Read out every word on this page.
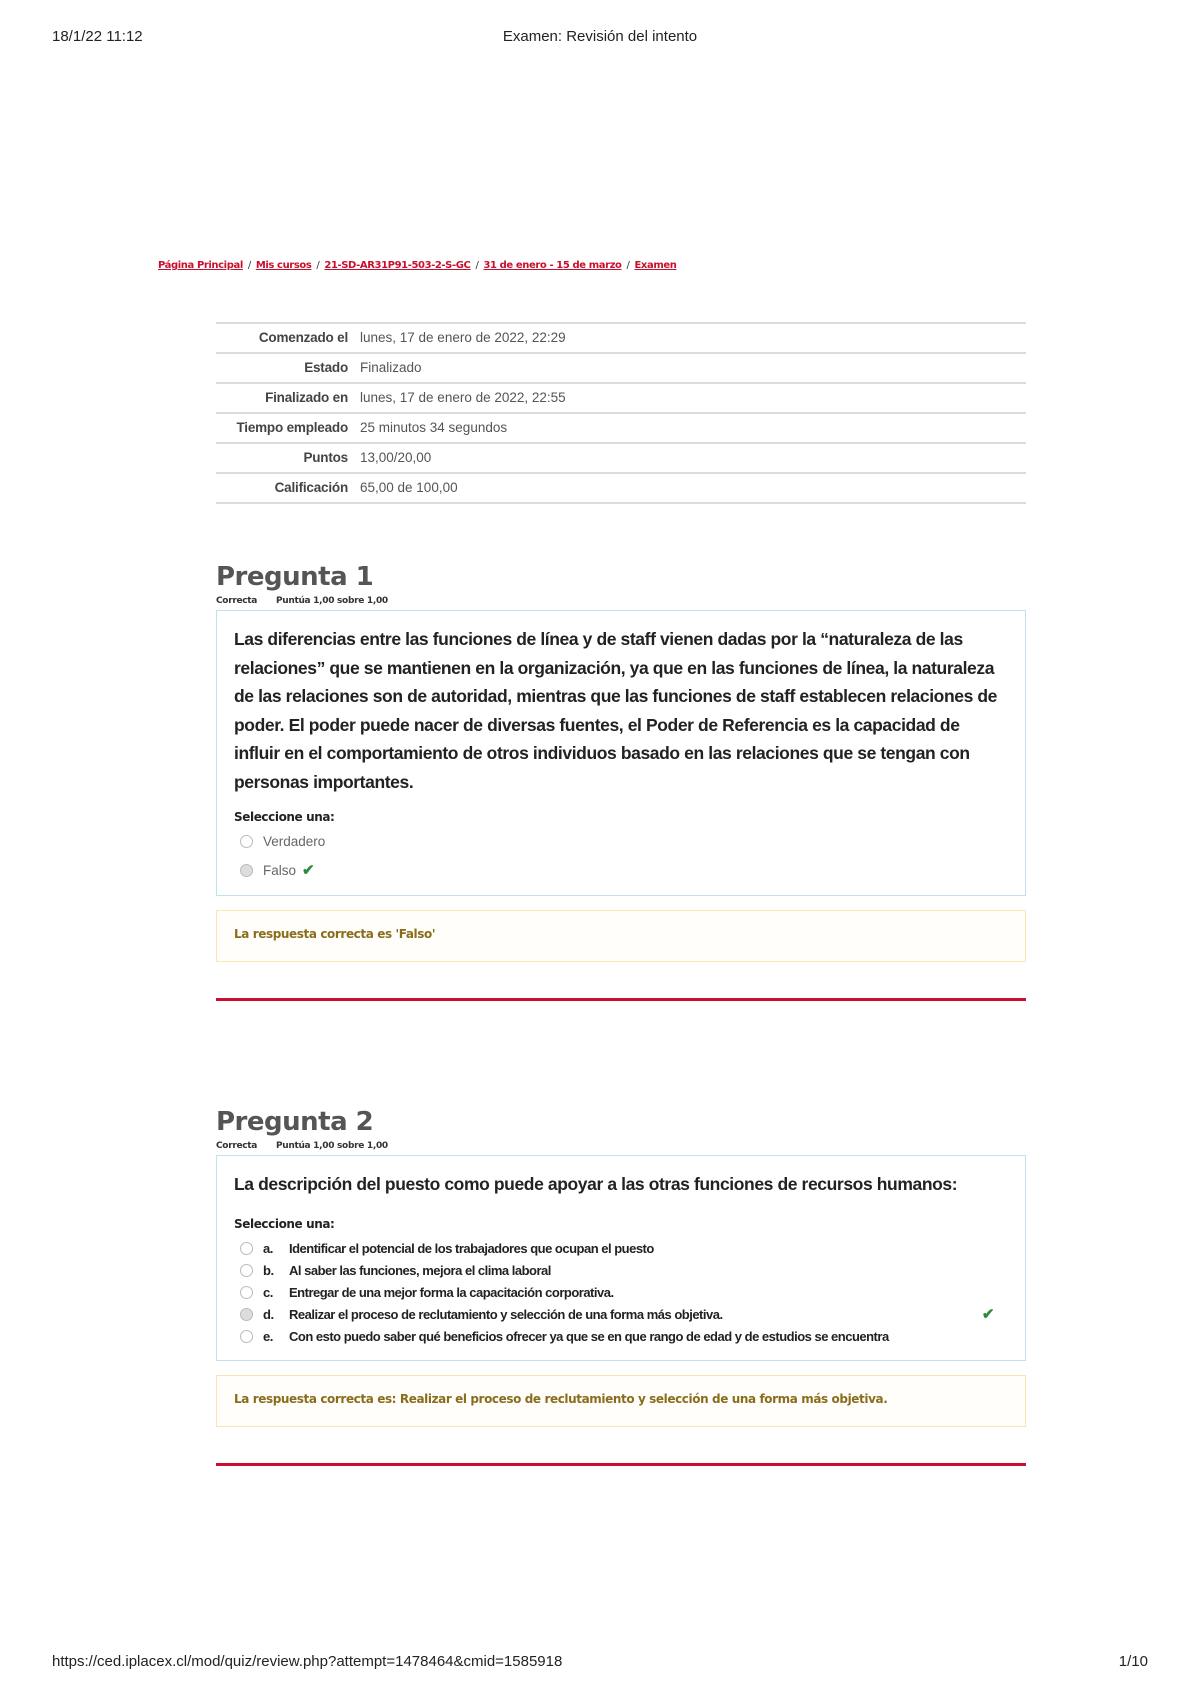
18/1/22 11:12	Examen: Revisión del intento
Página Principal / Mis cursos / 21-SD-AR31P91-503-2-S-GC / 31 de enero - 15 de marzo / Examen
Comenzado el	lunes, 17 de enero de 2022, 22:29
Estado	Finalizado
Finalizado en	lunes, 17 de enero de 2022, 22:55
Tiempo empleado	25 minutos 34 segundos
Puntos	13,00/20,00
Calificación	65,00 de 100,00
Pregunta 1
Correcta Puntúa 1,00 sobre 1,00

Las diferencias entre las funciones de línea y de staff vienen dadas por la “naturaleza de las relaciones” que se mantienen en la organización, ya que en las funciones de línea, la naturaleza de las relaciones son de autoridad, mientras que las funciones de staff establecen relaciones de poder. El poder puede nacer de diversas fuentes, el Poder de Referencia es la capacidad de influir en el comportamiento de otros individuos basado en las relaciones que se tengan con personas importantes.

Seleccione una:
Verdadero
Falso ✔
La respuesta correcta es 'Falso'
Pregunta 2
Correcta Puntúa 1,00 sobre 1,00

La descripción del puesto como puede apoyar a las otras funciones de recursos humanos:

Seleccione una:
a.	Identificar el potencial de los trabajadores que ocupan el puesto
b.	Al saber las funciones, mejora el clima laboral
c.	Entregar de una mejor forma la capacitación corporativa.
d.	Realizar el proceso de reclutamiento y selección de una forma más objetiva.	✔
e.	Con esto puedo saber qué beneficios ofrecer ya que se en que rango de edad y de estudios se encuentra
La respuesta correcta es: Realizar el proceso de reclutamiento y selección de una forma más objetiva.
https://ced.iplacex.cl/mod/quiz/review.php?attempt=1478464&cmid=1585918	1/10
